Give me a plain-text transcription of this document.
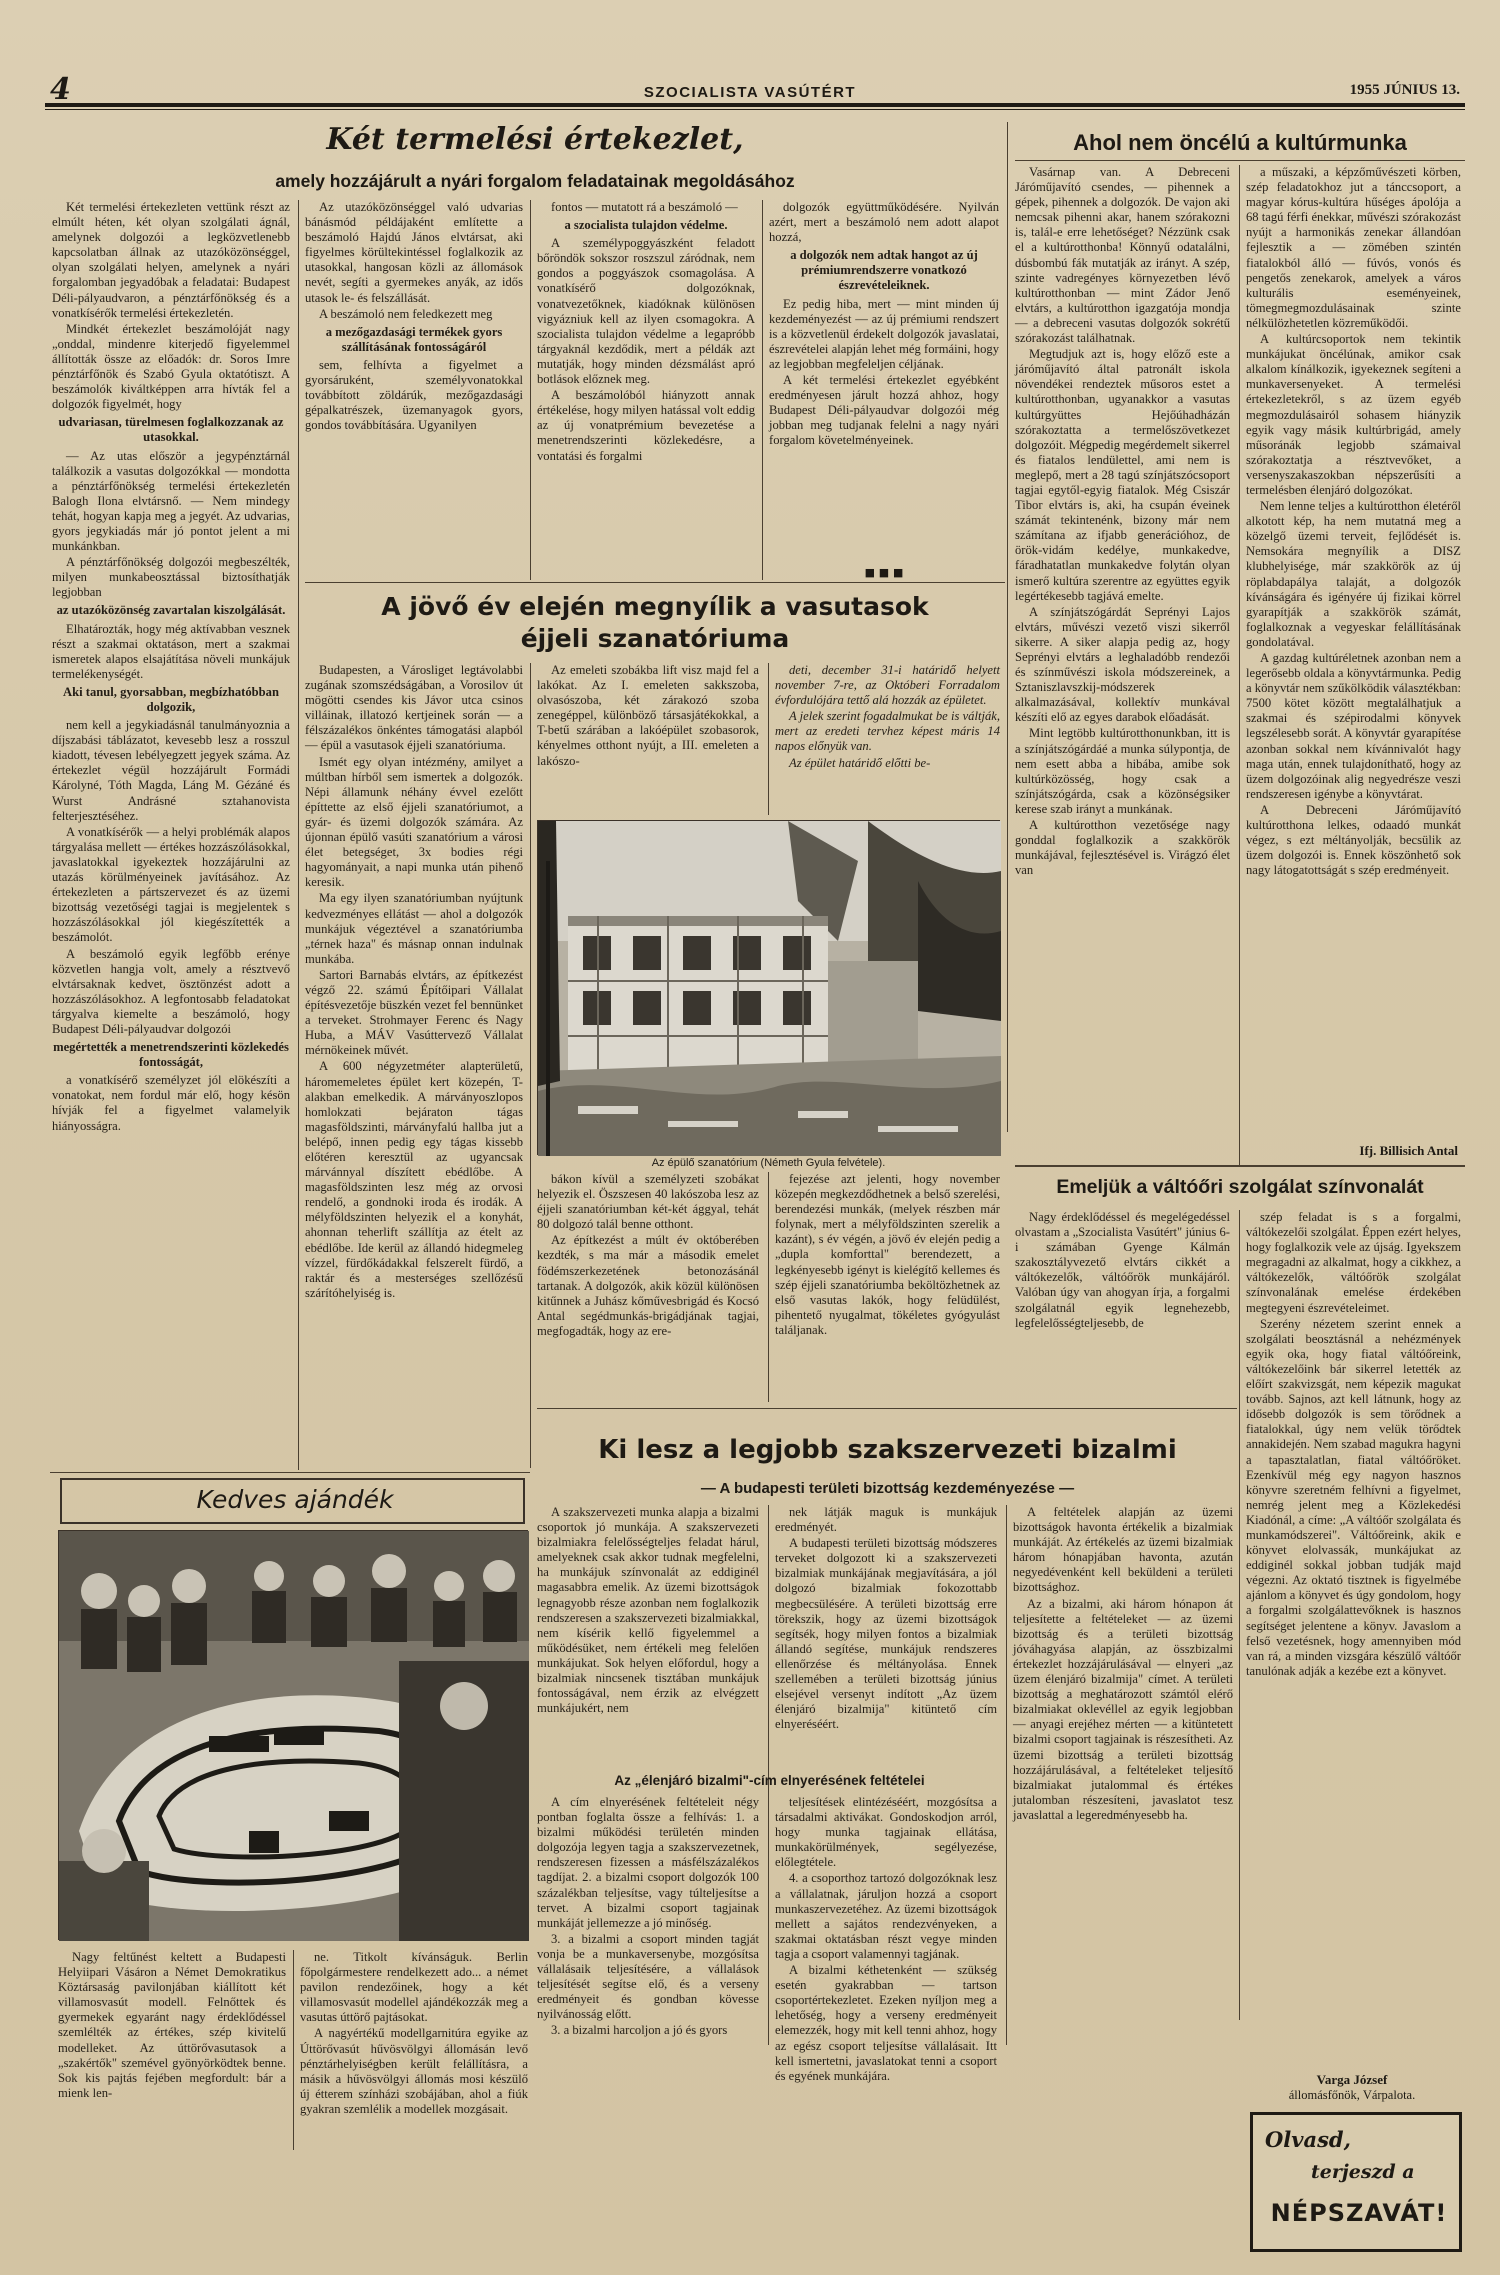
4	SZOCIALISTA VASÚTÉRT	1955 JÚNIUS 13.
Két termelési értekezlet,
amely hozzájárult a nyári forgalom feladatainak megoldásához

Két termelési értekezleten vettünk részt az elmúlt héten, két olyan szolgálati ágnál, amelynek dolgozói a legközvetlenebb kapcsolatban állnak az utazóközönséggel, olyan szolgálati helyen, amelynek a nyári forgalomban jegyadóbak a feladatai: Budapest Déli-pályaudvaron, a pénztárfőnökség és a vonatkísérők termelési értekezletén.

Mindkét értekezlet beszámolóját nagy „onddal, mindenre kiterjedő figyelemmel állították össze az előadók: dr. Soros Imre pénztárfőnök és Szabó Gyula oktatótiszt. A beszámolók kiváltképpen arra hívták fel a dolgozók figyelmét, hogy

udvariasan, türelmesen foglalkozzanak az utasokkal.

— Az utas először a jegypénztárnál találkozik a vasutas dolgozókkal — mondotta a pénztárfőnökség termelési értekezletén Balogh Ilona elvtársnő. — Nem mindegy tehát, hogyan kapja meg a jegyét. Az udvarias, gyors jegykiadás már jó pontot jelent a mi munkánkban.

A pénztárfőnökség dolgozói megbeszélték, milyen munkabeosztással biztosíthatják legjobban

az utazóközönség zavartalan kiszolgálását.

Elhatározták, hogy még aktívabban vesznek részt a szakmai oktatáson, mert a szakmai ismeretek alapos elsajátítása növeli munkájuk termelékenységét.

Aki tanul, gyorsabban, megbízhatóbban dolgozik,

nem kell a jegykiadásnál tanulmányoznia a díjszabási táblázatot, kevesebb lesz a rosszul kiadott, tévesen lebélyegzett jegyek száma. Az értekezlet végül hozzájárult Formádi Károlyné, Tóth Magda, Láng M. Gézáné és Wurst Andrásné sztahanovista felterjesztéséhez.

A vonatkísérők — a helyi problémák alapos tárgyalása mellett — értékes hozzászólásokkal, javaslatokkal igyekeztek hozzájárulni az utazás körülményeinek javításához. Az értekezleten a pártszervezet és az üzemi bizottság vezetőségi tagjai is megjelentek s hozzászólásokkal jól kiegészítették a beszámolót.

A beszámoló egyik legfőbb erénye közvetlen hangja volt, amely a résztvevő elvtársaknak kedvet, ösztönzést adott a hozzászólásokhoz. A legfontosabb feladatokat tárgyalva kiemelte a beszámoló, hogy Budapest Déli-pályaudvar dolgozói

megértették a menetrendszerinti közlekedés fontosságát,

a vonatkísérő személyzet jól elökészíti a vonatokat, nem fordul már elő, hogy késön hívják fel a figyelmet valamelyik hiányosságra.

Az utazóközönséggel való udvarias bánásmód példájaként említette a beszámoló Hajdú János elvtársat, aki figyelmes körültekintéssel foglalkozik az utasokkal, hangosan közli az állomások nevét, segíti a gyermekes anyák, az idős utasok le- és felszállását.

A beszámoló nem feledkezett meg

a mezőgazdasági termékek gyors szállításának fontosságáról

sem, felhívta a figyelmet a gyorsáruként, személyvonatokkal továbbított zöldárúk, mezőgazdasági gépalkatrészek, üzemanyagok gyors, gondos továbbítására. Ugyanilyen

fontos — mutatott rá a beszámoló —

a szocialista tulajdon védelme.

A személypoggyászként feladott bőröndök sokszor roszszul záródnak, nem gondos a poggyászok csomagolása. A vonatkísérő dolgozóknak, vonatvezetőknek, kiadóknak különösen vigyázniuk kell az ilyen csomagokra. A szocialista tulajdon védelme a legapróbb tárgyaknál kezdődik, mert a példák azt mutatják, hogy minden dézsmálást apró botlások előznek meg.

A beszámolóból hiányzott annak értékelése, hogy milyen hatással volt eddig az új vonatprémium bevezetése a menetrendszerinti közlekedésre, a vontatási és forgalmi

dolgozók együttműködésére. Nyilván azért, mert a beszámoló nem adott alapot hozzá,

a dolgozók nem adtak hangot az új prémiumrendszerre vonatkozó észrevételeiknek.

Ez pedig hiba, mert — mint minden új kezdeményezést — az új prémiumi rendszert is a közvetlenül érdekelt dolgozók javaslatai, észrevételei alapján lehet még formáini, hogy az legjobban megfeleljen céljának.

A két termelési értekezlet egyébként eredményesen járult hozzá ahhoz, hogy Budapest Déli-pályaudvar dolgozói még jobban meg tudjanak felelni a nagy nyári forgalom követelményeinek.

■ ■ ■
A jövő év elején megnyílik a vasutasok
éjjeli szanatóriuma

Budapesten, a Városliget legtávolabbi zugának szomszédságában, a Vorosilov út mögötti csendes kis Jávor utca csinos villáinak, illatozó kertjeinek során — a félszázalékos önkéntes támogatási alapból — épül a vasutasok éjjeli szanatóriuma.

Ismét egy olyan intézmény, amilyet a múltban hírből sem ismertek a dolgozók. Népi államunk néhány évvel ezelőtt építtette az első éjjeli szanatóriumot, a gyár- és üzemi dolgozók számára. Az újonnan épülő vasúti szanatórium a városi élet betegséget, 3x bodies régi hagyományait, a napi munka után pihenő keresik.

Ma egy ilyen szanatóriumban nyújtunk kedvezményes ellátást — ahol a dolgozók munkájuk végeztével a szanatóriumba „térnek haza" és másnap onnan indulnak munkába.

Sartori Barnabás elvtárs, az építkezést végző 22. számú Építőipari Vállalat építésvezetője büszkén vezet fel bennünket a terveket. Strohmayer Ferenc és Nagy Huba, a MÁV Vasúttervező Vállalat mérnökeinek művét.

A 600 négyzetméter alapterületű, háromemeletes épület kert közepén, T-alakban emelkedik. A márványoszlopos homlokzati bejáraton tágas magasföldszinti, márványfalú hallba jut a belépő, innen pedig egy tágas kissebb előtéren keresztül az ugyancsak márvánnyal díszített ebédlőbe. A magasföldszinten lesz még az orvosi rendelő, a gondnoki iroda és irodák. A mélyföldszinten helyezik el a konyhát, ahonnan teherlift szállítja az ételt az ebédlőbe. Ide kerül az állandó hidegmeleg vízzel, fürdőkádakkal felszerelt fürdő, a raktár és a mesterséges szellőzésű szárítóhelyiség is.

Az emeleti szobákba lift visz majd fel a lakókat. Az I. emeleten sakkszoba, olvasószoba, két zárakozó szoba zenegéppel, különböző társasjátékokkal, a T-betű szárában a lakóépület szobasorok, kényelmes otthont nyújt, a III. emeleten a lakószo-

deti, december 31-i határidő helyett november 7-re, az Októberi Forradalom évfordulójára tettő alá hozzák az épületet.

A jelek szerint fogadalmukat be is váltják, mert az eredeti tervhez képest máris 14 napos előnyük van.

Az épület határidő előtti be-

Az épülő szanatórium (Németh Gyula felvétele).

bákon kívül a személyzeti szobákat helyezik el. Öszszesen 40 lakószoba lesz az éjjeli szanatóriumban két-két ággyal, tehát 80 dolgozó talál benne otthont.

Az építkezést a múlt év októberében kezdték, s ma már a második emelet födémszerkezetének betonozásánál tartanak. A dolgozók, akik közül különösen kitűnnek a Juhász kőművesbrigád és Kocsó Antal segédmunkás-brigádjának tagjai, megfogadták, hogy az ere-

fejezése azt jelenti, hogy november közepén megkezdődhetnek a belső szerelési, berendezési munkák, (melyek részben már folynak, mert a mélyföldszinten szerelik a kazánt), s év végén, a jövő év elején pedig a „dupla komforttal" berendezett, a legkényesebb igényt is kielégítő kellemes és szép éjjeli szanatóriumba beköltözhetnek az első vasutas lakók, hogy felüdülést, pihentető nyugalmat, tökéletes gyógyulást találjanak.

Ahol nem öncélú a kultúrmunka

Vasárnap van. A Debreceni Járóműjavító csendes, — pihennek a gépek, pihennek a dolgozók. De vajon aki nemcsak pihenni akar, hanem szórakozni is, talál-e erre lehetőséget? Nézzünk csak el a kultúrotthonba! Könnyű odatalálni, dúsbombú fák mutatják az irányt. A szép, szinte vadregényes környezetben lévő kultúrotthonban — mint Zádor Jenő elvtárs, a kultúrotthon igazgatója mondja — a debreceni vasutas dolgozók sokrétű szórakozást találhatnak.

Megtudjuk azt is, hogy előző este a járóműjavító által patronált iskola növendékei rendeztek műsoros estet a kultúrotthonban, ugyanakkor a vasutas kultúrgyüttes Hejőúhadházán szórakoztatta a termelőszövetkezet dolgozóit. Mégpedig megérdemelt sikerrel és fiatalos lendülettel, ami nem is meglepő, mert a 28 tagú színjátszócsoport tagjai egytől-egyig fiatalok. Még Csiszár Tibor elvtárs is, aki, ha csupán éveinek számát tekintenénk, bizony már nem számítana az ifjabb generációhoz, de örök-vidám kedélye, munkakedve, fáradhatatlan munkakedve folytán olyan ismerő kultúra szerentre az együttes egyik legértékesebb tagjává emelte.

A színjátszógárdát Seprényi Lajos elvtárs, művészi vezető viszi sikerről sikerre. A siker alapja pedig az, hogy Seprényi elvtárs a leghaladóbb rendezői és színművészi iskola módszereinek, a Sztaniszlavszkij-módszerek alkalmazásával, kollektív munkával készíti elő az egyes darabok előadását.

Mint legtöbb kultúrotthonunkban, itt is a színjátszógárdáé a munka súlypontja, de nem esett abba a hibába, amibe sok kultúrközösség, hogy csak a színjátszógárda, csak a közönségsiker kerese szab irányt a munkának.

A kultúrotthon vezetősége nagy gonddal foglalkozik a szakkörök munkájával, fejlesztésével is. Virágzó élet van

a műszaki, a képzőművészeti körben, szép feladatokhoz jut a tánccsoport, a magyar kórus-kultúra hűséges ápolója a 68 tagú férfi énekkar, művészi szórakozást nyújt a harmonikás zenekar állandóan fejlesztik a — zömében szintén fiatalokból álló — fúvós, vonós és pengetős zenekarok, amelyek a város kulturális eseményeinek, tömegmegmozdulásainak szinte nélkülözhetetlen közreműködői.

A kultúrcsoportok nem tekintik munkájukat öncélúnak, amikor csak alkalom kínálkozik, igyekeznek segíteni a munkaversenyeket. A termelési értekezletekről, s az üzem egyéb megmozdulásairól sohasem hiányzik egyik vagy másik kultúrbrigád, amely műsoránák legjobb számaival szórakoztatja a résztvevőket, a versenyszakaszokban népszerűsíti a termelésben élenjáró dolgozókat.

Nem lenne teljes a kultúrotthon életéről alkotott kép, ha nem mutatná meg a közelgő üzemi terveit, fejlődését is. Nemsokára megnyílik a DISZ klubhelyisége, már szakkörök az új röplabdapálya talaját, a dolgozók kívánságára és igényére új fizikai körrel gyarapítják a szakkörök számát, foglalkoznak a vegyeskar felállításának gondolatával.

A gazdag kultúréletnek azonban nem a legerősebb oldala a könyvtármunka. Pedig a könyvtár nem szűkölködik választékban: 7500 kötet között megtalálhatjuk a szakmai és szépirodalmi könyvek legszélesebb sorát. A könyvtár gyarapítése azonban sokkal nem kívánnivalót hagy maga után, ennek tulajdoníthatő, hogy az üzem dolgozóinak alig negyedrésze veszi rendszeresen igénybe a könyvtárat.

A Debreceni Járóműjavító kultúrotthona lelkes, odaadó munkát végez, s ezt méltányolják, becsülik az üzem dolgozói is. Ennek köszönhető sok nagy látogatottságát s szép eredményeit.

Ifj. Billisich Antal
Emeljük a váltóőri szolgálat színvonalát

Nagy érdeklődéssel és megelégedéssel olvastam a „Szocialista Vasútért" június 6-i számában Gyenge Kálmán szakosztályvezető elvtárs cikkét a váltókezelők, váltóőrök munkájáról. Valóban úgy van ahogyan írja, a forgalmi szolgálatnál egyik legnehezebb, legfelelősségteljesebb, de

szép feladat is s a forgalmi, váltókezelői szolgálat. Éppen ezért helyes, hogy foglalkozik vele az újság. Igyekszem megragadni az alkalmat, hogy a cikkhez, a váltókezelők, váltóőrök szolgálat színvonalának emelése érdekében megtegyeni észrevételeimet.

Szerény nézetem szerint ennek a szolgálati beosztásnál a nehézmények egyik oka, hogy fiatal váltóőreink, váltókezelőink bár sikerrel letették az előírt szakvizsgát, nem képezik magukat tovább. Sajnos, azt kell látnunk, hogy az idősebb dolgozók is sem törődnek a fiatalokkal, úgy nem velük törődtek annakidején. Nem szabad magukra hagyni a tapasztalatlan, fiatal váltóőröket. Ezenkívül még egy nagyon hasznos könyvre szeretném felhívni a figyelmet, nemrég jelent meg a Közlekedési Kiadónál, a címe: „A váltóőr szolgálata és munkamódszerei". Váltóőreink, akik e könyvet elolvassák, munkájukat az eddiginél sokkal jobban tudják majd végezni. Az oktató tisztnek is figyelmébe ajánlom a könyvet és úgy gondolom, hogy a forgalmi szolgálattevőknek is hasznos segítséget jelentene a könyv. Javaslom a felső vezetésnek, hogy amennyiben mód van rá, a minden vizsgára készülő váltóőr tanulónak adják a kezébe ezt a könyvet.

Varga József
állomásfőnök, Várpalota.
Ki lesz a legjobb szakszervezeti bizalmi
— A budapesti területi bizottság kezdeményezése —

A szakszervezeti munka alapja a bizalmi csoportok jó munkája. A szakszervezeti bizalmiakra felelősségteljes feladat hárul, amelyeknek csak akkor tudnak megfelelni, ha munkájuk színvonalát az eddiginél magasabbra emelik. Az üzemi bizottságok legnagyobb része azonban nem foglalkozik rendszeresen a szakszervezeti bizalmiakkal, nem kísérik kellő figyelemmel a működésüket, nem értékeli meg felelően munkájukat. Sok helyen előfordul, hogy a bizalmiak nincsenek tisztában munkájuk fontosságával, nem érzik az elvégzett munkájukért, nem

nek látják maguk is munkájuk eredményét.

A budapesti területi bizottság módszeres terveket dolgozott ki a szakszervezeti bizalmiak munkájának megjavítására, a jól dolgozó bizalmiak fokozottabb megbecsülésére. A területi bizottság erre törekszik, hogy az üzemi bizottságok segítsék, hogy milyen fontos a bizalmiak állandó segítése, munkájuk rendszeres ellenőrzése és méltányolása. Ennek szellemében a területi bizottság június elsejével versenyt indított „Az üzem élenjáró bizalmija" kitüntető cím elnyeréséért.

A feltételek alapján az üzemi bizottságok havonta értékelik a bizalmiak munkáját. Az értékelés az üzemi bizalmiak három hónapjában havonta, azután negyedévenként kell beküldeni a területi bizottsághoz.

Az a bizalmi, aki három hónapon át teljesítette a feltételeket — az üzemi bizottság és a területi bizottság jóváhagyása alapján, az összbizalmi értekezlet hozzájárulásával — elnyeri „az üzem élenjáró bizalmija" címet. A területi bizottság a meghatározott számtól elérő bizalmiakat oklevéllel az egyik legjobban — anyagi erejéhez mérten — a kitüntetett bizalmi csoport tagjainak is részesítheti. Az üzemi bizottság a területi bizottság hozzájárulásával, a feltételeket teljesítő bizalmiakat jutalommal és értékes jutalomban részesíteni, javaslatot tesz javaslattal a legeredményesebb ha.

Az „élenjáró bizalmi"-cím elnyerésének feltételei

A cím elnyerésének feltételeit négy pontban foglalta össze a felhívás: 1. a bizalmi működési területén minden dolgozója legyen tagja a szakszervezetnek, rendszeresen fizessen a másfélszázalékos tagdíjat. 2. a bizalmi csoport dolgozók 100 százalékban teljesítse, vagy túlteljesítse a tervet. A bizalmi csoport tagjainak munkáját jellemezze a jó minőség.

3. a bizalmi a csoport minden tagját vonja be a munkaversenybe, mozgósítsa vállalásaik teljesítésére, a vállalások teljesítését segítse elő, és a verseny eredményeit és gondban kövesse nyilvánosság előtt.

3. a bizalmi harcoljon a jó és gyors

teljesítések elintézéséért, mozgósítsa a társadalmi aktivákat. Gondoskodjon arról, hogy munka tagjainak ellátása, munkakörülmények, segélyezése, előlegtétele.

4. a csoporthoz tartozó dolgozóknak lesz a vállalatnak, járuljon hozzá a csoport munkaszervezetéhez. Az üzemi bizottságok mellett a sajátos rendezvényeken, a szakmai oktatásban részt vegye minden tagja a csoport valamennyi tagjának.

A bizalmi kéthetenként — szükség esetén gyakrabban — tartson csoportértekezletet. Ezeken nyíljon meg a lehetőség, hogy a verseny eredményeit elemezzék, hogy mit kell tenni ahhoz, hogy az egész csoport teljesítse vállalásait. Itt kell ismertetni, javaslatokat tenni a csoport és egyének munkájára.

Kedves ajándék

Nagy feltűnést keltett a Budapesti Helyiipari Vásáron a Német Demokratikus Köztársaság pavilonjában kiállított két villamosvasút modell. Felnőttek és gyermekek egyaránt nagy érdeklődéssel szemlélték az értékes, szép kivitelű modelleket. Az úttörővasutasok a „szakértők" szemével gyönyörködtek benne. Sok kis pajtás fejében megfordult: bár a mienk len-

ne. Titkolt kívánságuk. Berlin főpolgármestere rendelkezett ado... a német pavilon rendezőinek, hogy a két villamosvasút modellel ajándékozzák meg a vasutas úttörő pajtásokat.

A nagyértékű modellgarnitúra egyike az Úttörővasút hűvösvölgyi állomásán levő pénztárhelyiségben került felállításra, a másik a hűvösvölgyi állomás mosi készülő új étterem színházi szobájában, ahol a fiúk gyakran szemlélik a modellek mozgásait.

Olvasd,
terjeszd a
NÉPSZAVÁT!
